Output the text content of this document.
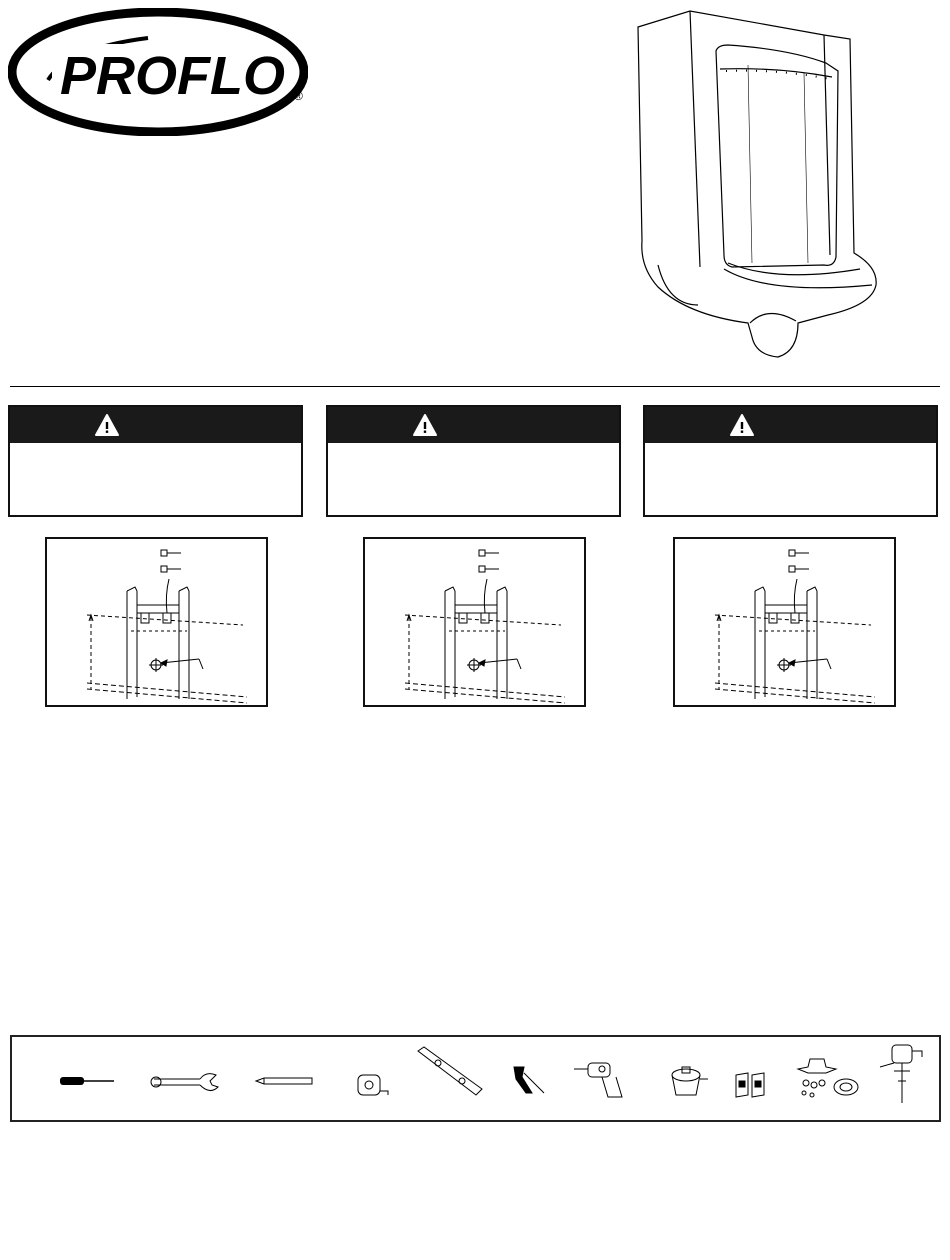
PROFLO ®
